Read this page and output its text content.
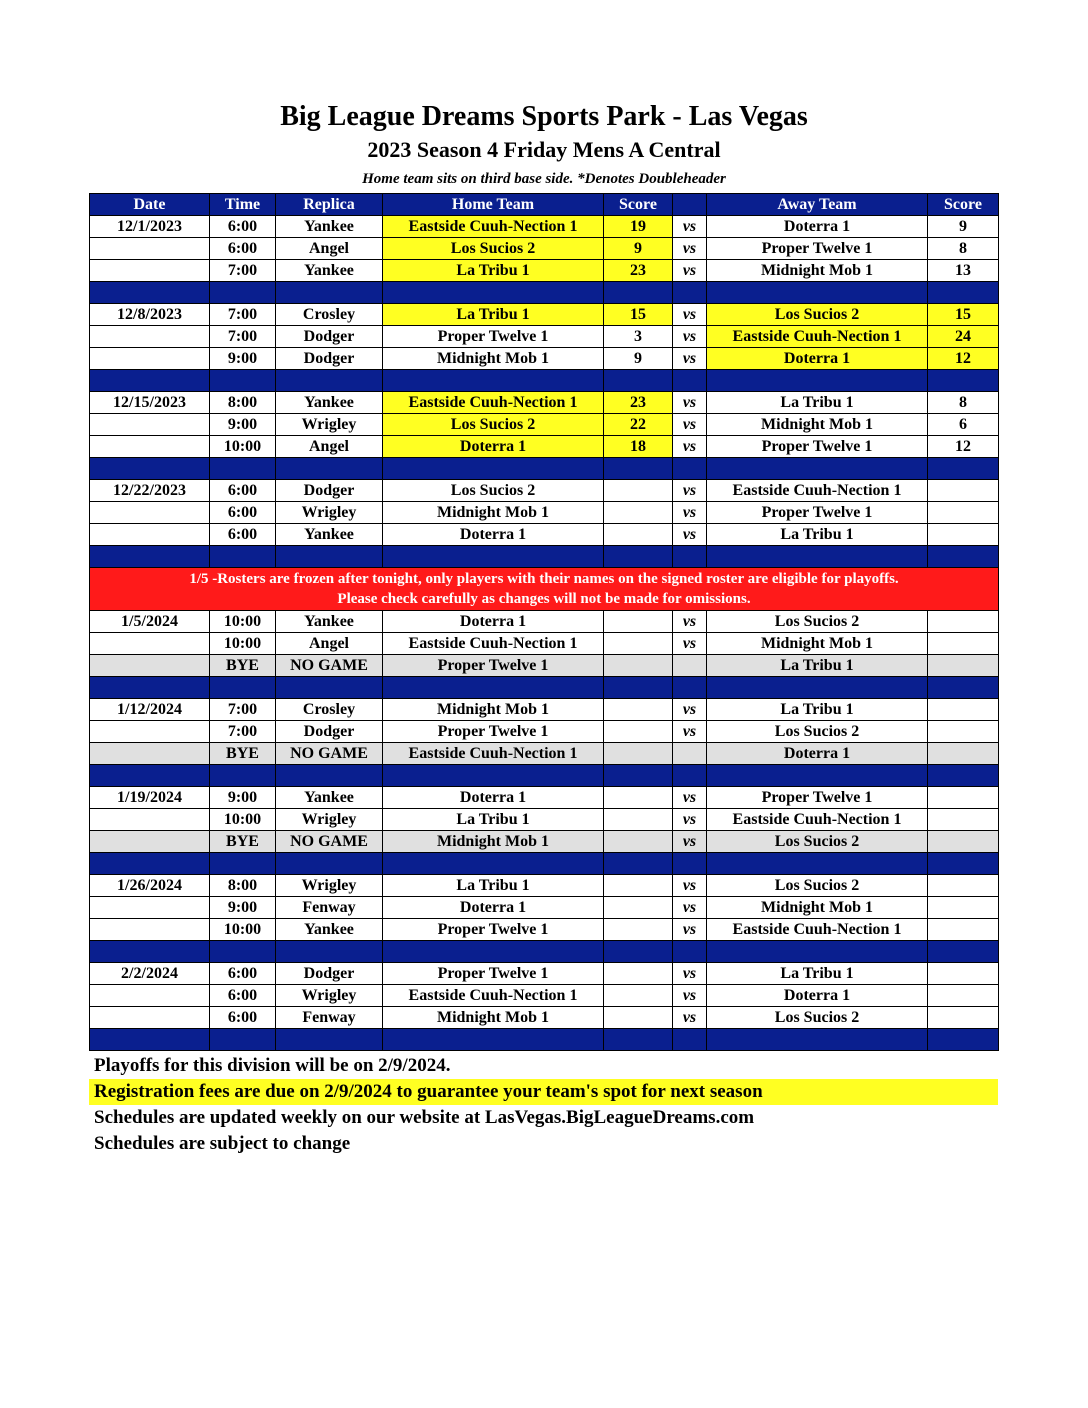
Big League Dreams Sports Park - Las Vegas
2023 Season 4 Friday Mens A Central
Home team sits on third base side. *Denotes Doubleheader
Date	Time	Replica	Home Team	Score		Away Team	Score
12/1/2023	6:00	Yankee	Eastside Cuuh-Nection 1	19	vs	Doterra 1	9
	6:00	Angel	Los Sucios 2	9	vs	Proper Twelve 1	8
	7:00	Yankee	La Tribu 1	23	vs	Midnight Mob 1	13

12/8/2023	7:00	Crosley	La Tribu 1	15	vs	Los Sucios 2	15
	7:00	Dodger	Proper Twelve 1	3	vs	Eastside Cuuh-Nection 1	24
	9:00	Dodger	Midnight Mob 1	9	vs	Doterra 1	12

12/15/2023	8:00	Yankee	Eastside Cuuh-Nection 1	23	vs	La Tribu 1	8
	9:00	Wrigley	Los Sucios 2	22	vs	Midnight Mob 1	6
	10:00	Angel	Doterra 1	18	vs	Proper Twelve 1	12

12/22/2023	6:00	Dodger	Los Sucios 2		vs	Eastside Cuuh-Nection 1	
	6:00	Wrigley	Midnight Mob 1		vs	Proper Twelve 1	
	6:00	Yankee	Doterra 1		vs	La Tribu 1	

1/5 -Rosters are frozen after tonight, only players with their names on the signed roster are eligible for playoffs.
Please check carefully as changes will not be made for omissions.							

1/5/2024	10:00	Yankee	Doterra 1		vs	Los Sucios 2	
	10:00	Angel	Eastside Cuuh-Nection 1		vs	Midnight Mob 1	
	BYE	NO GAME	Proper Twelve 1			La Tribu 1	

1/12/2024	7:00	Crosley	Midnight Mob 1		vs	La Tribu 1	
	7:00	Dodger	Proper Twelve 1		vs	Los Sucios 2	
	BYE	NO GAME	Eastside Cuuh-Nection 1			Doterra 1	

1/19/2024	9:00	Yankee	Doterra 1		vs	Proper Twelve 1	
	10:00	Wrigley	La Tribu 1		vs	Eastside Cuuh-Nection 1	
	BYE	NO GAME	Midnight Mob 1		vs	Los Sucios 2	

1/26/2024	8:00	Wrigley	La Tribu 1		vs	Los Sucios 2	
	9:00	Fenway	Doterra 1		vs	Midnight Mob 1	
	10:00	Yankee	Proper Twelve 1		vs	Eastside Cuuh-Nection 1	

2/2/2024	6:00	Dodger	Proper Twelve 1		vs	La Tribu 1	
	6:00	Wrigley	Eastside Cuuh-Nection 1		vs	Doterra 1	
	6:00	Fenway	Midnight Mob 1		vs	Los Sucios 2	

Playoffs for this division will be on 2/9/2024.
Registration fees are due on 2/9/2024 to guarantee your team's spot for next season
Schedules are updated weekly on our website at LasVegas.BigLeagueDreams.com
Schedules are subject to change
